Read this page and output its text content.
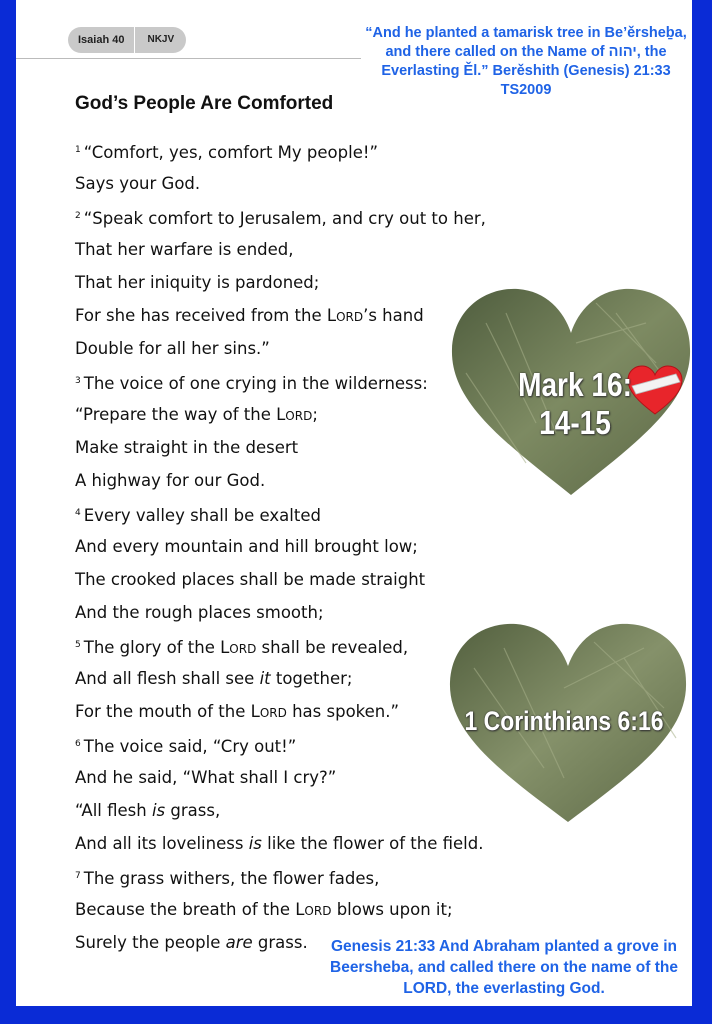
Isaiah 40	NKJV
God’s People Are Comforted
$^1$ “Comfort, yes, comfort My people!”
Says your God.
$^2$ “Speak comfort to Jerusalem, and cry out to her,
That her warfare is ended,
That her iniquity is pardoned;
For she has received from the Lord’s hand
Double for all her sins.”
$^3$ The voice of one crying in the wilderness:
“Prepare the way of the Lord;
Make straight in the desert
A highway for our God.
$^4$ Every valley shall be exalted
And every mountain and hill brought low;
The crooked places shall be made straight
And the rough places smooth;
$^5$ The glory of the Lord shall be revealed,
And all flesh shall see it together;
For the mouth of the Lord has spoken.”
$^6$ The voice said, “Cry out!”
And he said, “What shall I cry?”
“All flesh is grass,
And all its loveliness is like the flower of the field.
$^7$ The grass withers, the flower fades,
Because the breath of the Lord blows upon it;
Surely the people are grass.
Mark 16:
14-15
1 Corinthians 6:16
“And he planted a tamarisk tree in Be’ěrsheḇa, and there called on the Name of יהוה, the Everlasting Ěl.” Berěshith (Genesis) 21:33 TS2009
Genesis 21:33 And Abraham planted a grove in Beersheba, and called there on the name of the LORD, the everlasting God.
